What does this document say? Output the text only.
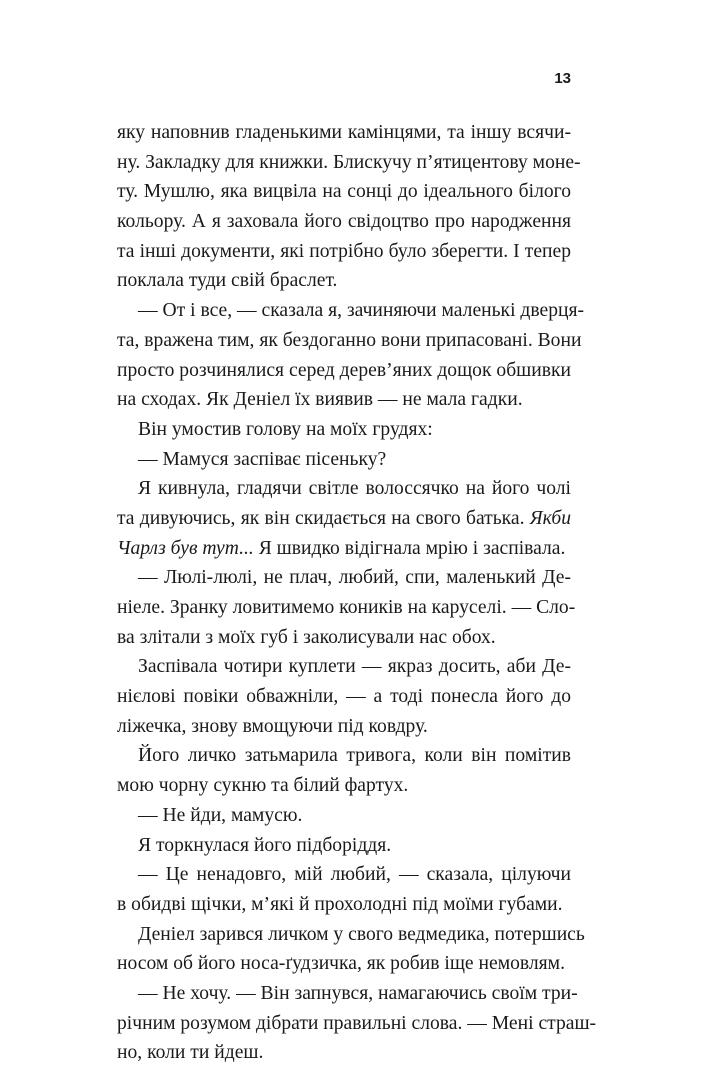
13
яку наповнив гладенькими камінцями, та іншу всячи-
ну. Закладку для книжки. Блискучу п’ятицентову моне-
ту. Мушлю, яка вицвіла на сонці до ідеального білого
кольору. А я заховала його свідоцтво про народження
та інші документи, які потрібно було зберегти. І тепер
поклала туди свій браслет.
— От і все, — сказала я, зачиняючи маленькі дверця-
та, вражена тим, як бездоганно вони припасовані. Вони
просто розчинялися серед дерев’яних дощок обшивки
на сходах. Як Деніел їх виявив — не мала гадки.
Він умостив голову на моїх грудях:
— Мамуся заспіває пісеньку?
Я кивнула, гладячи світле волоссячко на його чолі
та дивуючись, як він скидається на свого батька. Якби
Чарлз був тут... Я швидко відігнала мрію і заспівала.
— Люлі-люлі, не плач, любий, спи, маленький Де-
ніеле. Зранку ловитимемо коників на каруселі. — Сло-
ва злітали з моїх губ і заколисували нас обох.
Заспівала чотири куплети — якраз досить, аби Де-
нієлові повіки обважніли, — а тоді понесла його до
ліжечка, знову вмощуючи під ковдру.
Його личко затьмарила тривога, коли він помітив
мою чорну сукню та білий фартух.
— Не йди, мамусю.
Я торкнулася його підборіддя.
— Це ненадовго, мій любий, — сказала, цілуючи
в обидві щічки, м’які й прохолодні під моїми губами.
Деніел зарився личком у свого ведмедика, потершись
носом об його носа-ґудзичка, як робив іще немовлям.
— Не хочу. — Він запнувся, намагаючись своїм три-
річним розумом дібрати правильні слова. — Мені страш-
но, коли ти йдеш.
